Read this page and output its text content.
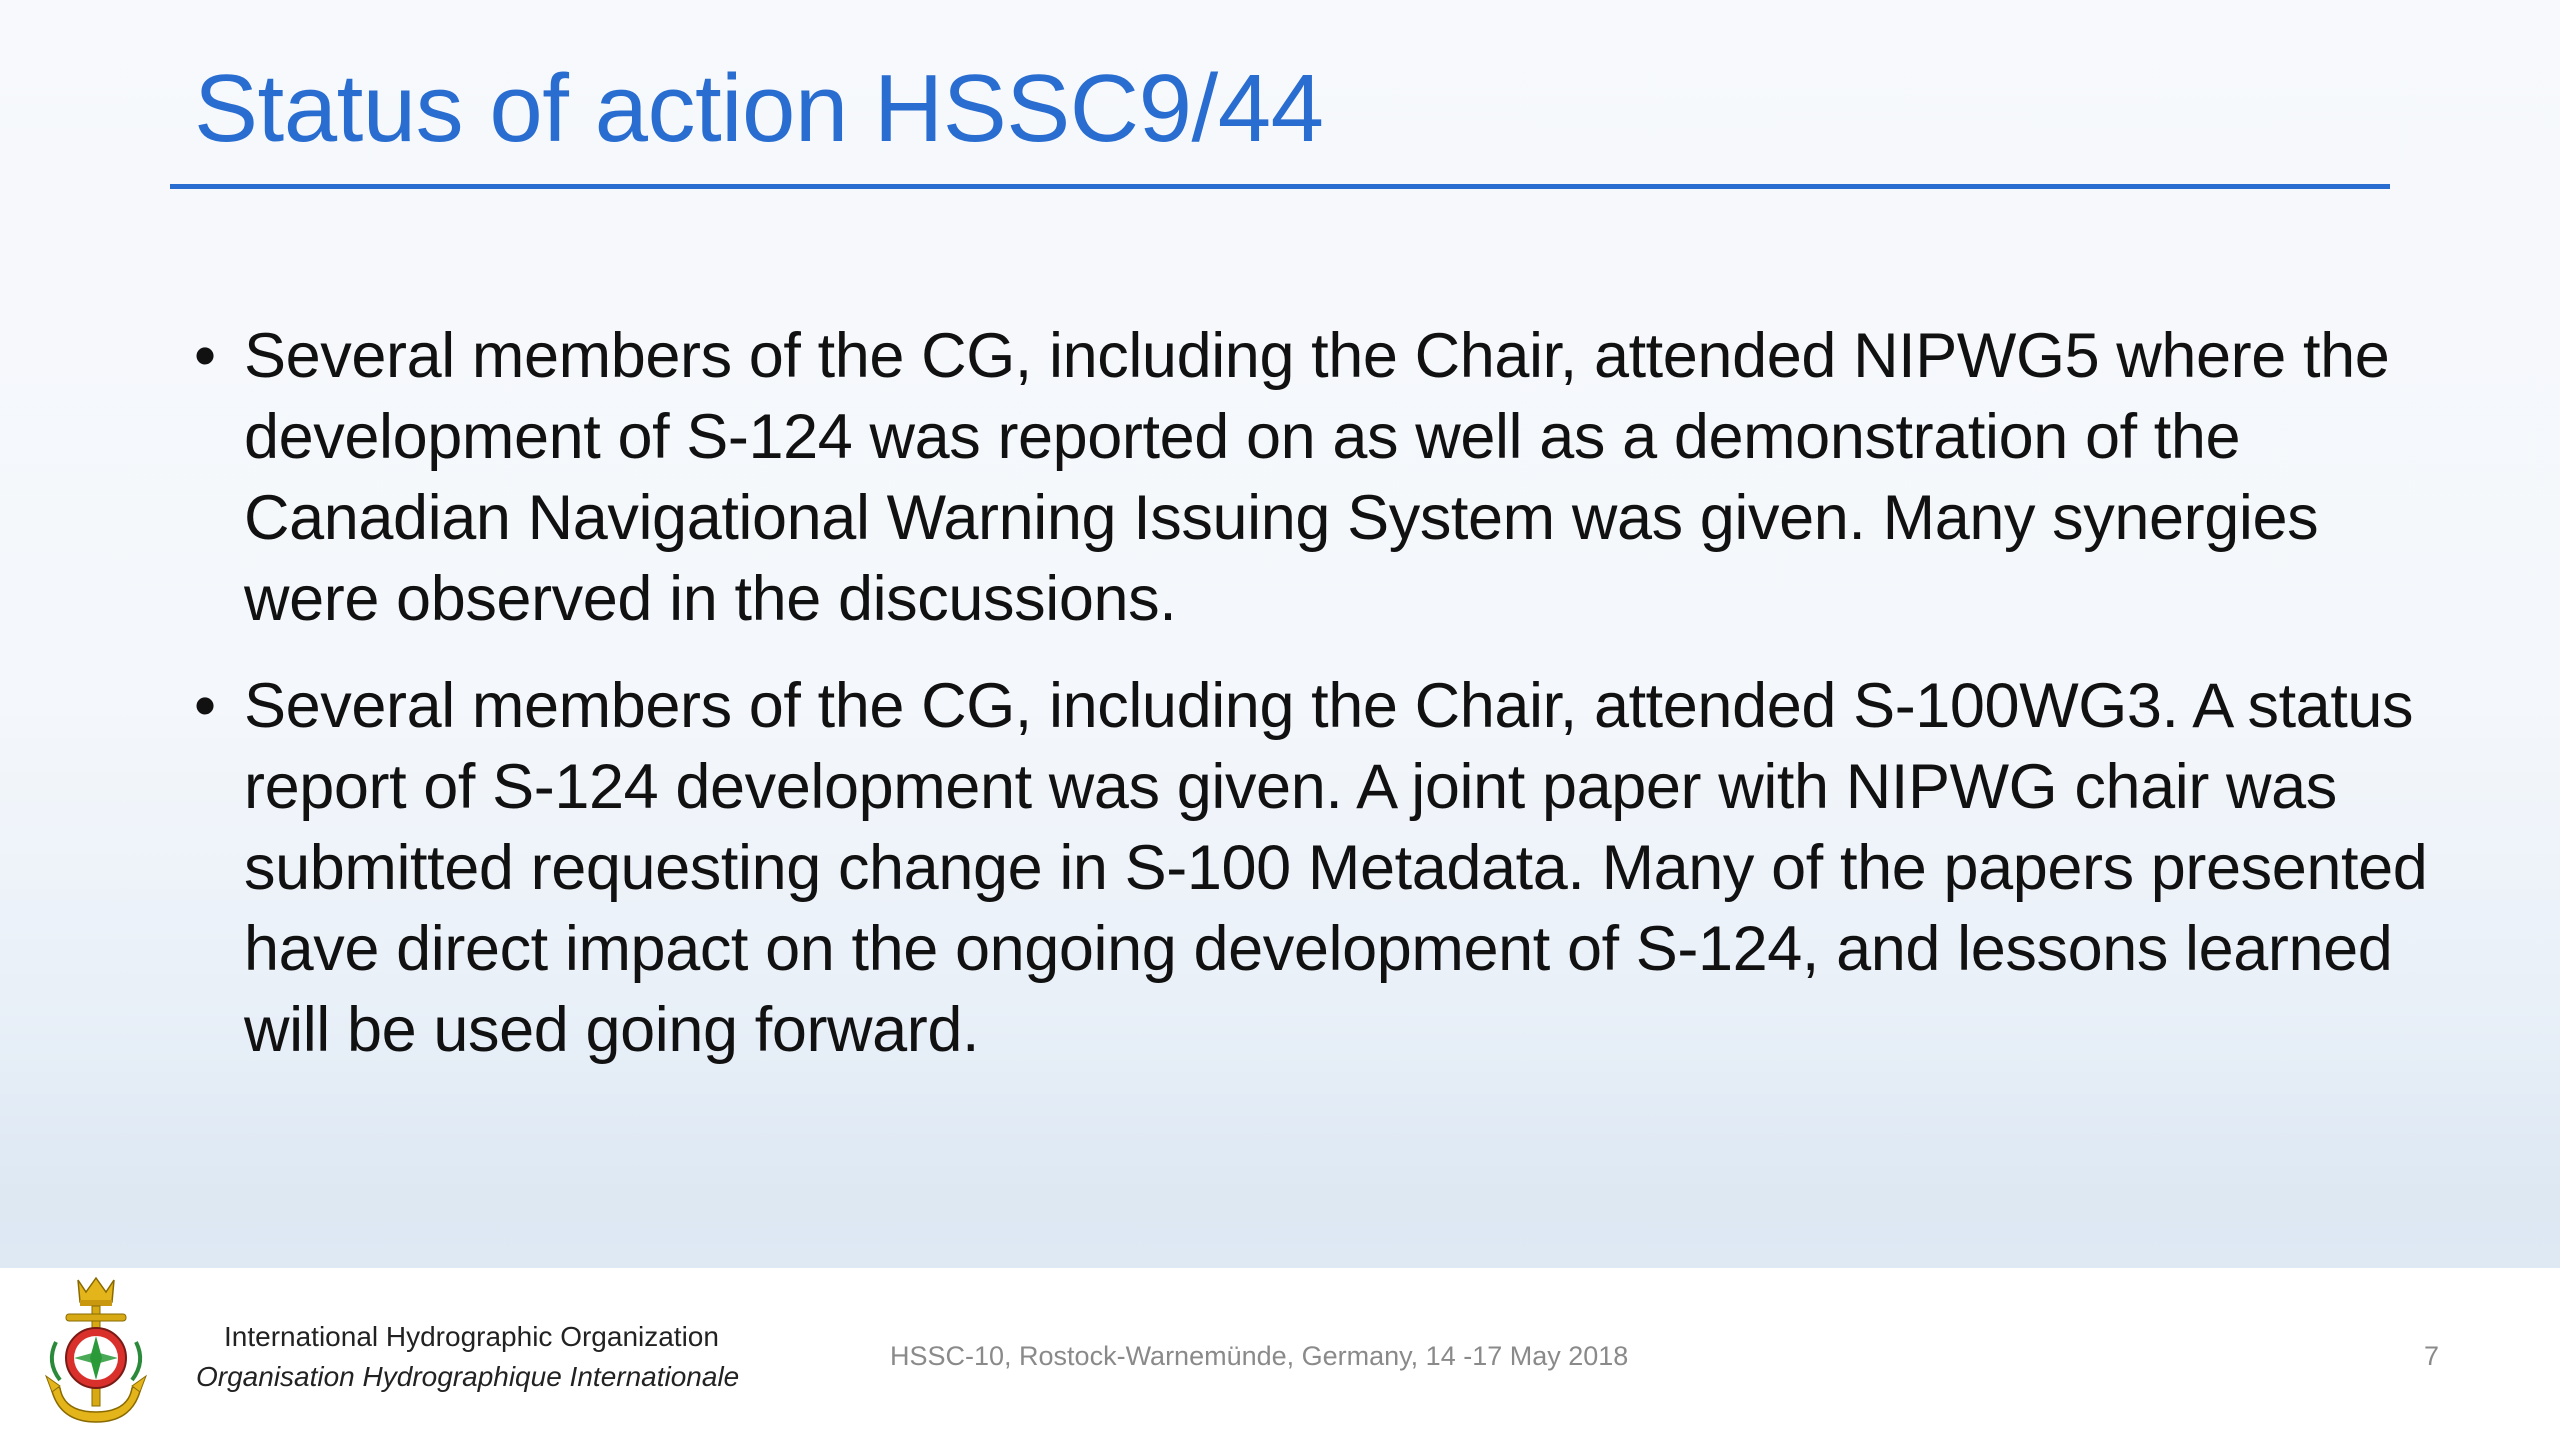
Status of action HSSC9/44
• Several members of the CG, including the Chair, attended NIPWG5 where the development of S-124 was reported on as well as a demonstration of the Canadian Navigational Warning Issuing System was given. Many synergies were observed in the discussions.
• Several members of the CG, including the Chair, attended S-100WG3. A status report of S-124 development was given. A joint paper with NIPWG chair was submitted requesting change in S-100 Metadata. Many of the papers presented have direct impact on the ongoing development of S-124, and lessons learned will be used going forward.
International Hydrographic Organization
Organisation Hydrographique Internationale
HSSC-10, Rostock-Warnemünde, Germany, 14 -17 May 2018	7
